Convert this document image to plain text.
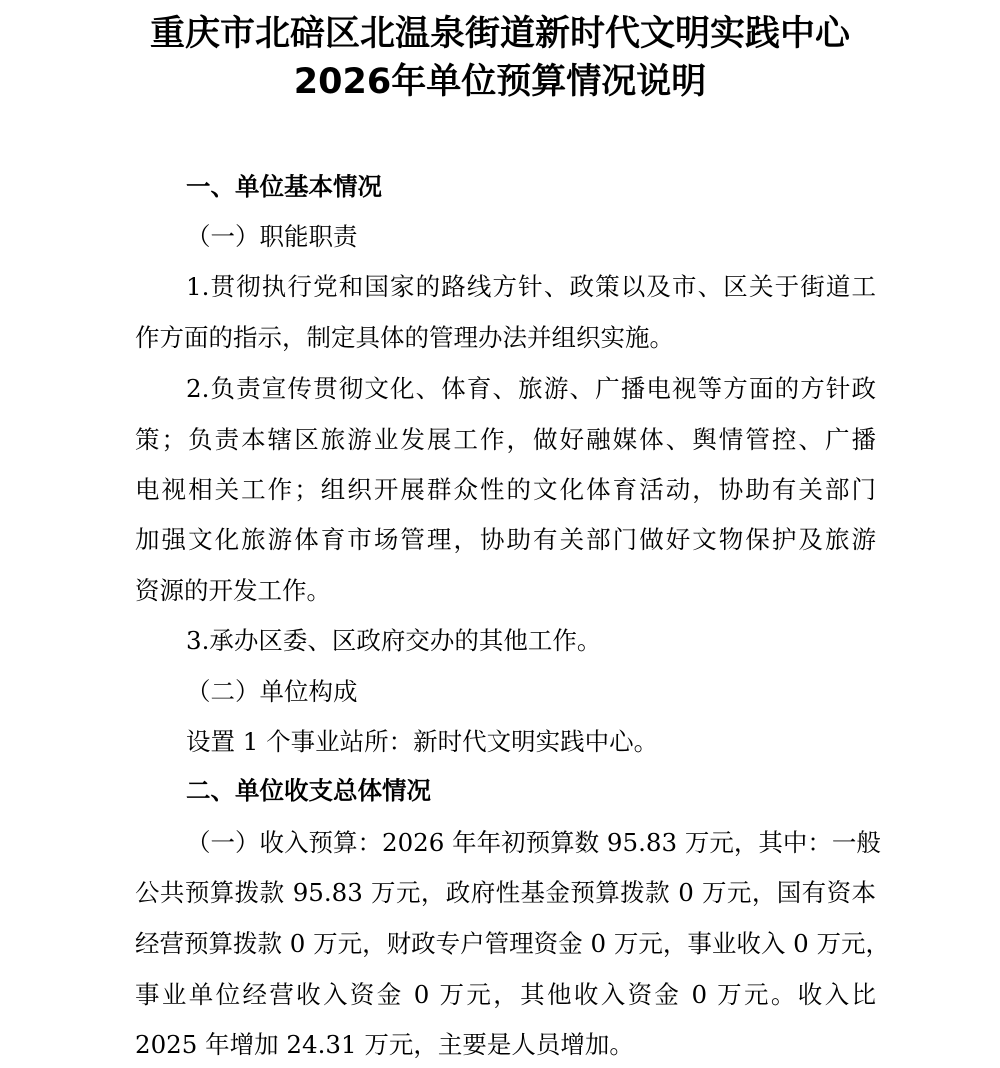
重庆市北碚区北温泉街道新时代文明实践中心
2026年单位预算情况说明

一、单位基本情况

（一）职能职责

1.贯彻执行党和国家的路线方针、政策以及市、区关于街道工

作方面的指示，制定具体的管理办法并组织实施。

2.负责宣传贯彻文化、体育、旅游、广播电视等方面的方针政

策；负责本辖区旅游业发展工作，做好融媒体、舆情管控、广播

电视相关工作；组织开展群众性的文化体育活动，协助有关部门

加强文化旅游体育市场管理，协助有关部门做好文物保护及旅游

资源的开发工作。

3.承办区委、区政府交办的其他工作。

（二）单位构成

设置 1 个事业站所：新时代文明实践中心。

二、单位收支总体情况

（一）收入预算：2026 年年初预算数 95.83 万元，其中：一般

公共预算拨款 95.83 万元，政府性基金预算拨款 0 万元，国有资本

经营预算拨款 0 万元，财政专户管理资金 0 万元，事业收入 0 万元，

事业单位经营收入资金 0 万元，其他收入资金 0 万元。收入比

2025 年增加 24.31 万元，主要是人员增加。
